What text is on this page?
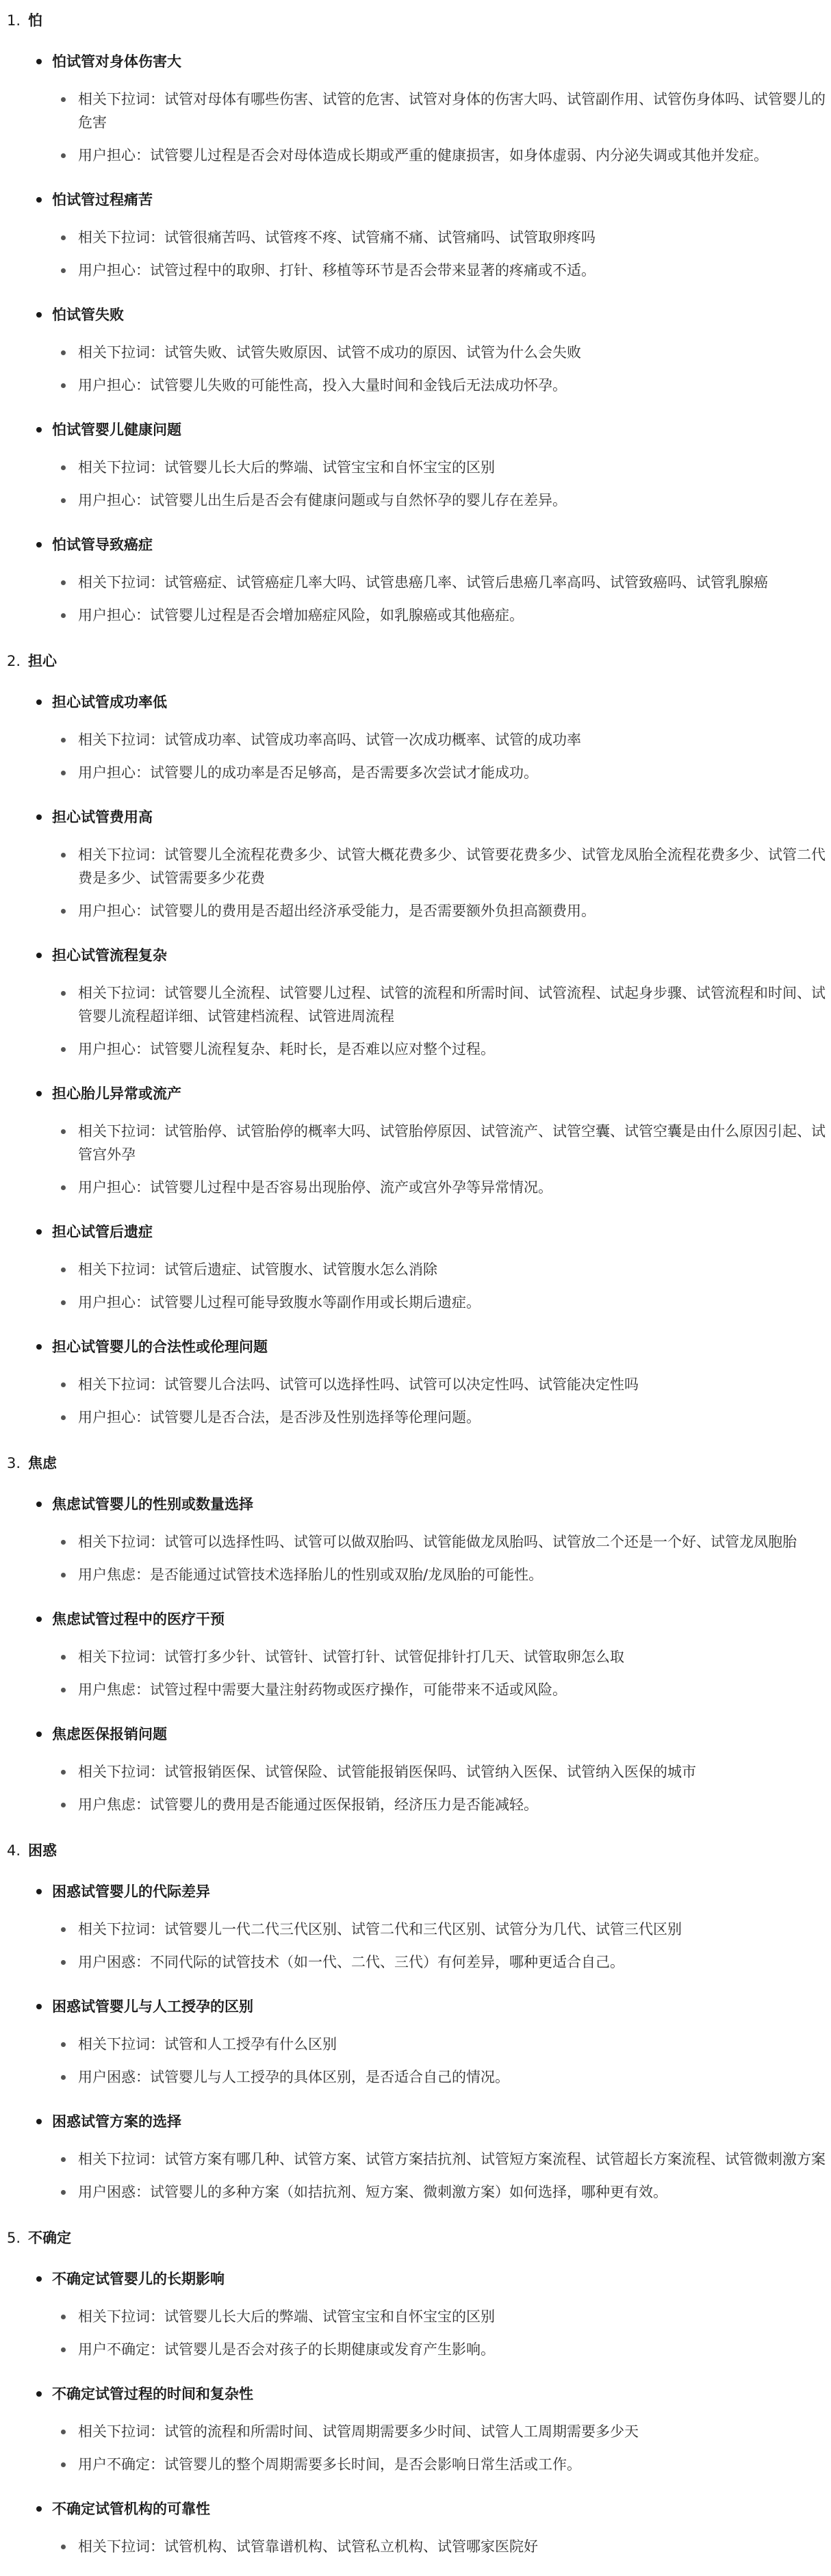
1. 怕
怕试管对身体伤害大
相关下拉词：试管对母体有哪些伤害、试管的危害、试管对身体的伤害大吗、试管副作用、试管伤身体吗、试管婴儿的危害
用户担心：试管婴儿过程是否会对母体造成长期或严重的健康损害，如身体虚弱、内分泌失调或其他并发症。
怕试管过程痛苦
相关下拉词：试管很痛苦吗、试管疼不疼、试管痛不痛、试管痛吗、试管取卵疼吗
用户担心：试管过程中的取卵、打针、移植等环节是否会带来显著的疼痛或不适。
怕试管失败
相关下拉词：试管失败、试管失败原因、试管不成功的原因、试管为什么会失败
用户担心：试管婴儿失败的可能性高，投入大量时间和金钱后无法成功怀孕。
怕试管婴儿健康问题
相关下拉词：试管婴儿长大后的弊端、试管宝宝和自怀宝宝的区别
用户担心：试管婴儿出生后是否会有健康问题或与自然怀孕的婴儿存在差异。
怕试管导致癌症
相关下拉词：试管癌症、试管癌症几率大吗、试管患癌几率、试管后患癌几率高吗、试管致癌吗、试管乳腺癌
用户担心：试管婴儿过程是否会增加癌症风险，如乳腺癌或其他癌症。
2. 担心
担心试管成功率低
相关下拉词：试管成功率、试管成功率高吗、试管一次成功概率、试管的成功率
用户担心：试管婴儿的成功率是否足够高，是否需要多次尝试才能成功。
担心试管费用高
相关下拉词：试管婴儿全流程花费多少、试管大概花费多少、试管要花费多少、试管龙凤胎全流程花费多少、试管二代费是多少、试管需要多少花费
用户担心：试管婴儿的费用是否超出经济承受能力，是否需要额外负担高额费用。
担心试管流程复杂
相关下拉词：试管婴儿全流程、试管婴儿过程、试管的流程和所需时间、试管流程、试起身步骤、试管流程和时间、试管婴儿流程超详细、试管建档流程、试管进周流程
用户担心：试管婴儿流程复杂、耗时长，是否难以应对整个过程。
担心胎儿异常或流产
相关下拉词：试管胎停、试管胎停的概率大吗、试管胎停原因、试管流产、试管空囊、试管空囊是由什么原因引起、试管宫外孕
用户担心：试管婴儿过程中是否容易出现胎停、流产或宫外孕等异常情况。
担心试管后遗症
相关下拉词：试管后遗症、试管腹水、试管腹水怎么消除
用户担心：试管婴儿过程可能导致腹水等副作用或长期后遗症。
担心试管婴儿的合法性或伦理问题
相关下拉词：试管婴儿合法吗、试管可以选择性吗、试管可以决定性吗、试管能决定性吗
用户担心：试管婴儿是否合法，是否涉及性别选择等伦理问题。
3. 焦虑
焦虑试管婴儿的性别或数量选择
相关下拉词：试管可以选择性吗、试管可以做双胎吗、试管能做龙凤胎吗、试管放二个还是一个好、试管龙凤胞胎
用户焦虑：是否能通过试管技术选择胎儿的性别或双胎/龙凤胎的可能性。
焦虑试管过程中的医疗干预
相关下拉词：试管打多少针、试管针、试管打针、试管促排针打几天、试管取卵怎么取
用户焦虑：试管过程中需要大量注射药物或医疗操作，可能带来不适或风险。
焦虑医保报销问题
相关下拉词：试管报销医保、试管保险、试管能报销医保吗、试管纳入医保、试管纳入医保的城市
用户焦虑：试管婴儿的费用是否能通过医保报销，经济压力是否能减轻。
4. 困惑
困惑试管婴儿的代际差异
相关下拉词：试管婴儿一代二代三代区别、试管二代和三代区别、试管分为几代、试管三代区别
用户困惑：不同代际的试管技术（如一代、二代、三代）有何差异，哪种更适合自己。
困惑试管婴儿与人工授孕的区别
相关下拉词：试管和人工授孕有什么区别
用户困惑：试管婴儿与人工授孕的具体区别，是否适合自己的情况。
困惑试管方案的选择
相关下拉词：试管方案有哪几种、试管方案、试管方案拮抗剂、试管短方案流程、试管超长方案流程、试管微刺激方案
用户困惑：试管婴儿的多种方案（如拮抗剂、短方案、微刺激方案）如何选择，哪种更有效。
5. 不确定
不确定试管婴儿的长期影响
相关下拉词：试管婴儿长大后的弊端、试管宝宝和自怀宝宝的区别
用户不确定：试管婴儿是否会对孩子的长期健康或发育产生影响。
不确定试管过程的时间和复杂性
相关下拉词：试管的流程和所需时间、试管周期需要多少时间、试管人工周期需要多少天
用户不确定：试管婴儿的整个周期需要多长时间，是否会影响日常生活或工作。
不确定试管机构的可靠性
相关下拉词：试管机构、试管靠谱机构、试管私立机构、试管哪家医院好
